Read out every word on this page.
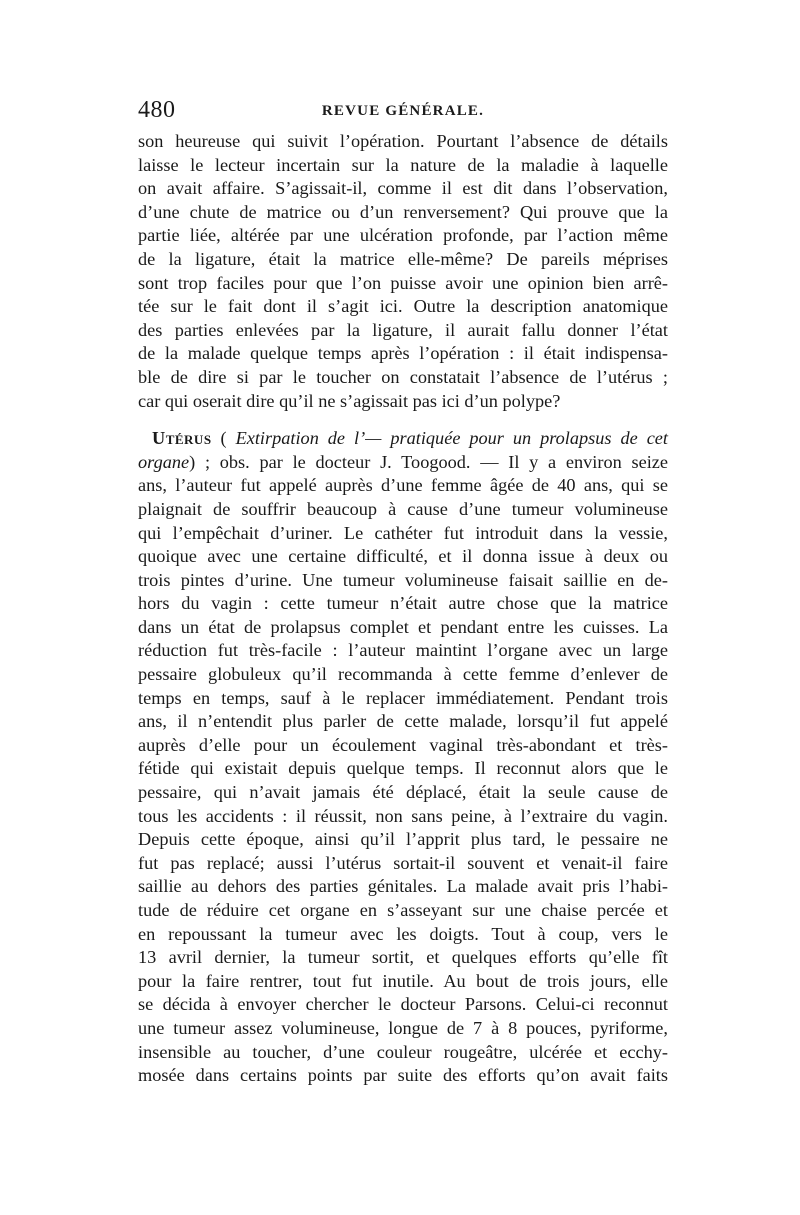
480	REVUE GÉNÉRALE.

son heureuse qui suivit l’opération. Pourtant l’absence de détails
laisse le lecteur incertain sur la nature de la maladie à laquelle
on avait affaire. S’agissait-il, comme il est dit dans l’observation,
d’une chute de matrice ou d’un renversement? Qui prouve que la
partie liée, altérée par une ulcération profonde, par l’action même
de la ligature, était la matrice elle-même? De pareils méprises
sont trop faciles pour que l’on puisse avoir une opinion bien arrê-
tée sur le fait dont il s’agit ici. Outre la description anatomique
des parties enlevées par la ligature, il aurait fallu donner l’état
de la malade quelque temps après l’opération : il était indispensa-
ble de dire si par le toucher on constatait l’absence de l’utérus ;
car qui oserait dire qu’il ne s’agissait pas ici d’un polype?

Utérus ( Extirpation de l’— pratiquée pour un prolapsus de cet
organe) ; obs. par le docteur J. Toogood. — Il y a environ seize
ans, l’auteur fut appelé auprès d’une femme âgée de 40 ans, qui se
plaignait de souffrir beaucoup à cause d’une tumeur volumineuse
qui l’empêchait d’uriner. Le cathéter fut introduit dans la vessie,
quoique avec une certaine difficulté, et il donna issue à deux ou
trois pintes d’urine. Une tumeur volumineuse faisait saillie en de-
hors du vagin : cette tumeur n’était autre chose que la matrice
dans un état de prolapsus complet et pendant entre les cuisses. La
réduction fut très-facile : l’auteur maintint l’organe avec un large
pessaire globuleux qu’il recommanda à cette femme d’enlever de
temps en temps, sauf à le replacer immédiatement. Pendant trois
ans, il n’entendit plus parler de cette malade, lorsqu’il fut appelé
auprès d’elle pour un écoulement vaginal très-abondant et très-
fétide qui existait depuis quelque temps. Il reconnut alors que le
pessaire, qui n’avait jamais été déplacé, était la seule cause de
tous les accidents : il réussit, non sans peine, à l’extraire du vagin.
Depuis cette époque, ainsi qu’il l’apprit plus tard, le pessaire ne
fut pas replacé; aussi l’utérus sortait-il souvent et venait-il faire
saillie au dehors des parties génitales. La malade avait pris l’habi-
tude de réduire cet organe en s’asseyant sur une chaise percée et
en repoussant la tumeur avec les doigts. Tout à coup, vers le
13 avril dernier, la tumeur sortit, et quelques efforts qu’elle fît
pour la faire rentrer, tout fut inutile. Au bout de trois jours, elle
se décida à envoyer chercher le docteur Parsons. Celui-ci reconnut
une tumeur assez volumineuse, longue de 7 à 8 pouces, pyriforme,
insensible au toucher, d’une couleur rougeâtre, ulcérée et ecchy-
mosée dans certains points par suite des efforts qu’on avait faits
